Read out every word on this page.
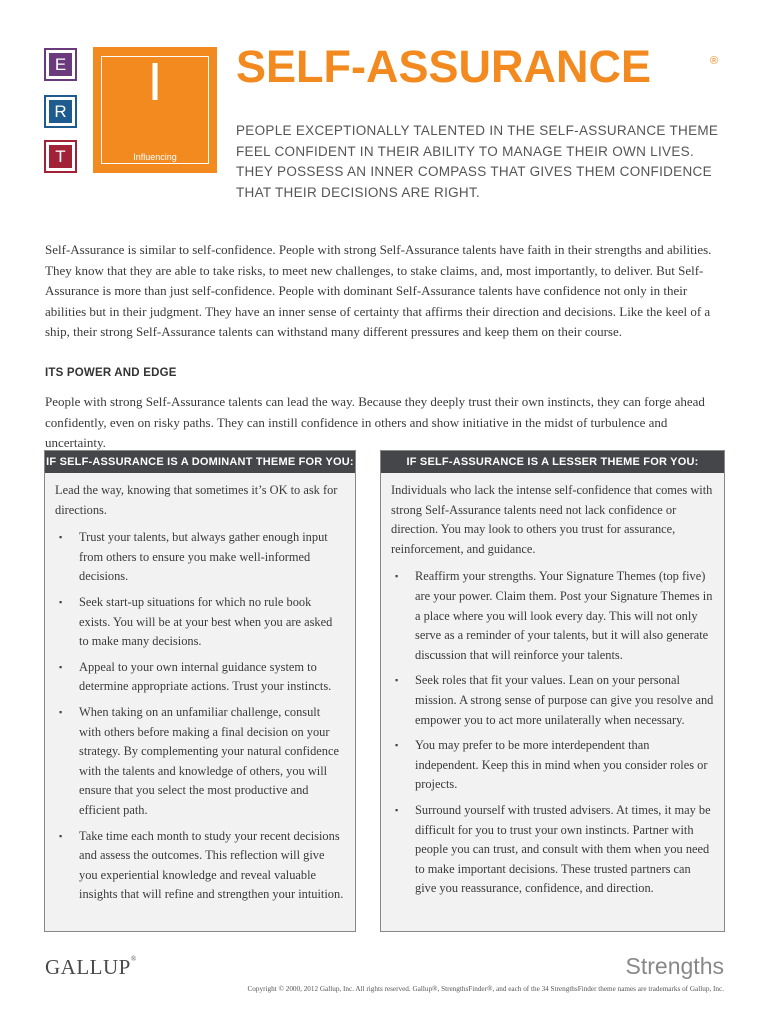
E
R
T
I
Influencing
SELF-ASSURANCE	®
PEOPLE EXCEPTIONALLY TALENTED IN THE SELF-ASSURANCE THEME FEEL CONFIDENT IN THEIR ABILITY TO MANAGE THEIR OWN LIVES. THEY POSSESS AN INNER COMPASS THAT GIVES THEM CONFIDENCE THAT THEIR DECISIONS ARE RIGHT.
Self-Assurance is similar to self-confidence. People with strong Self-Assurance talents have faith in their strengths and abilities. They know that they are able to take risks, to meet new challenges, to stake claims, and, most importantly, to deliver. But Self-Assurance is more than just self-confidence. People with dominant Self-Assurance talents have confidence not only in their abilities but in their judgment. They have an inner sense of certainty that affirms their direction and decisions. Like the keel of a ship, their strong Self-Assurance talents can withstand many different pressures and keep them on their course.
ITS POWER AND EDGE
People with strong Self-Assurance talents can lead the way. Because they deeply trust their own instincts, they can forge ahead confidently, even on risky paths. They can instill confidence in others and show initiative in the midst of turbulence and uncertainty.
IF SELF-ASSURANCE IS A DOMINANT THEME FOR YOU:
Lead the way, knowing that sometimes it’s OK to ask for directions.
▪ Trust your talents, but always gather enough input from others to ensure you make well-informed decisions.
▪ Seek start-up situations for which no rule book exists. You will be at your best when you are asked to make many decisions.
▪ Appeal to your own internal guidance system to determine appropriate actions. Trust your instincts.
▪ When taking on an unfamiliar challenge, consult with others before making a final decision on your strategy. By complementing your natural confidence with the talents and knowledge of others, you will ensure that you select the most productive and efficient path.
▪ Take time each month to study your recent decisions and assess the outcomes. This reflection will give you experiential knowledge and reveal valuable insights that will refine and strengthen your intuition.
IF SELF-ASSURANCE IS A LESSER THEME FOR YOU:
Individuals who lack the intense self-confidence that comes with strong Self-Assurance talents need not lack confidence or direction. You may look to others you trust for assurance, reinforcement, and guidance.
▪ Reaffirm your strengths. Your Signature Themes (top five) are your power. Claim them. Post your Signature Themes in a place where you will look every day. This will not only serve as a reminder of your talents, but it will also generate discussion that will reinforce your talents.
▪ Seek roles that fit your values. Lean on your personal mission. A strong sense of purpose can give you resolve and empower you to act more unilaterally when necessary.
▪ You may prefer to be more interdependent than independent. Keep this in mind when you consider roles or projects.
▪ Surround yourself with trusted advisers. At times, it may be difficult for you to trust your own instincts. Partner with people you can trust, and consult with them when you need to make important decisions. These trusted partners can give you reassurance, confidence, and direction.
GALLUP®	Strengths
Copyright © 2000, 2012 Gallup, Inc. All rights reserved. Gallup®, StrengthsFinder®, and each of the 34 StrengthsFinder theme names are trademarks of Gallup, Inc.
